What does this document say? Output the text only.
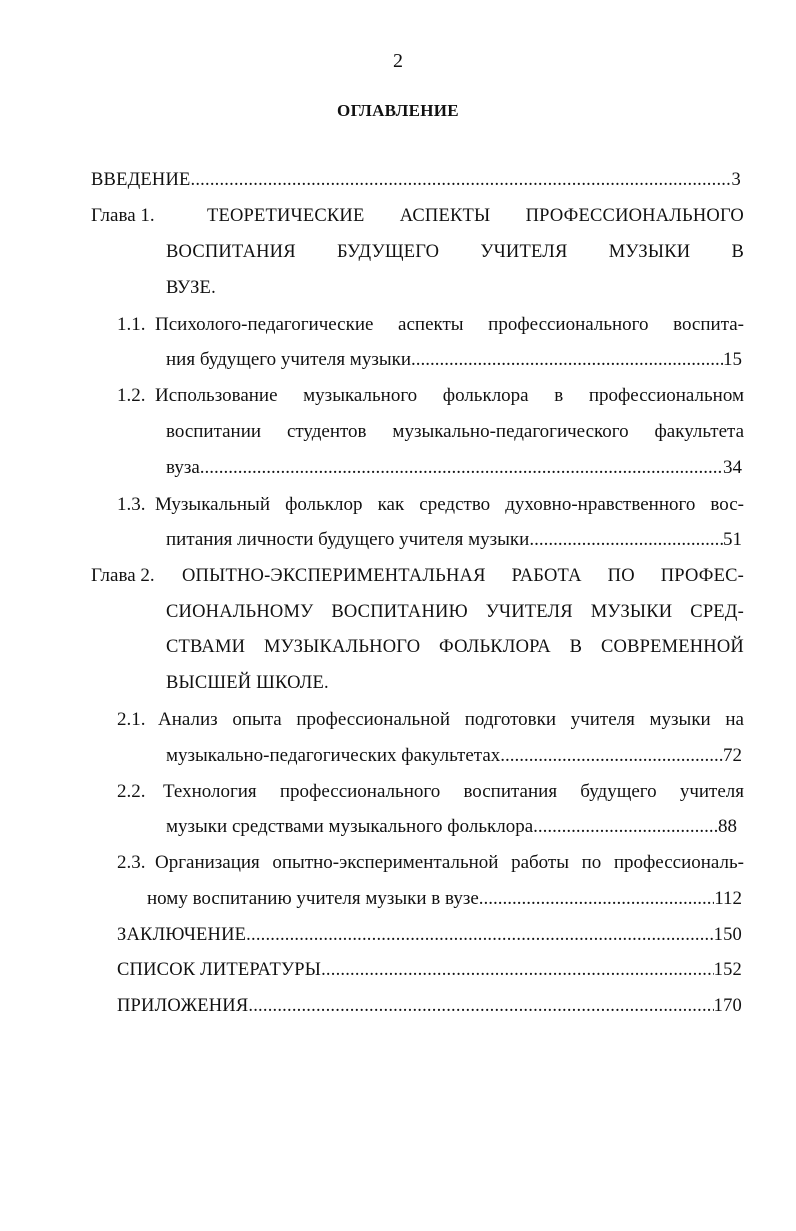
2
ОГЛАВЛЕНИЕ
ВВЕДЕНИЕ .....	3
Глава 1.	ТЕОРЕТИЧЕСКИЕ АСПЕКТЫ ПРОФЕССИОНАЛЬНОГО
ВОСПИТАНИЯ БУДУЩЕГО УЧИТЕЛЯ МУЗЫКИ В
ВУЗЕ.
1.1. Психолого-педагогические аспекты профессионального воспита-
ния будущего учителя музыки .....	15
1.2. Использование музыкального фольклора в профессиональном
воспитании студентов музыкально-педагогического факультета
вуза .....	34
1.3. Музыкальный фольклор как средство духовно-нравственного вос-
питания личности будущего учителя музыки .....	51
Глава 2. ОПЫТНО-ЭКСПЕРИМЕНТАЛЬНАЯ РАБОТА ПО ПРОФЕС-
СИОНАЛЬНОМУ ВОСПИТАНИЮ УЧИТЕЛЯ МУЗЫКИ СРЕД-
СТВАМИ МУЗЫКАЛЬНОГО ФОЛЬКЛОРА В СОВРЕМЕННОЙ
ВЫСШЕЙ ШКОЛЕ.
2.1. Анализ опыта профессиональной подготовки учителя музыки на
музыкально-педагогических факультетах .....	72
2.2. Технология профессионального воспитания будущего учителя
музыки средствами музыкального фольклора .....	88
2.3. Организация опытно-экспериментальной работы по профессиональ-
ному воспитанию учителя музыки в вузе .....	112
ЗАКЛЮЧЕНИЕ .....	150
СПИСОК ЛИТЕРАТУРЫ .....	152
ПРИЛОЖЕНИЯ .....	170
